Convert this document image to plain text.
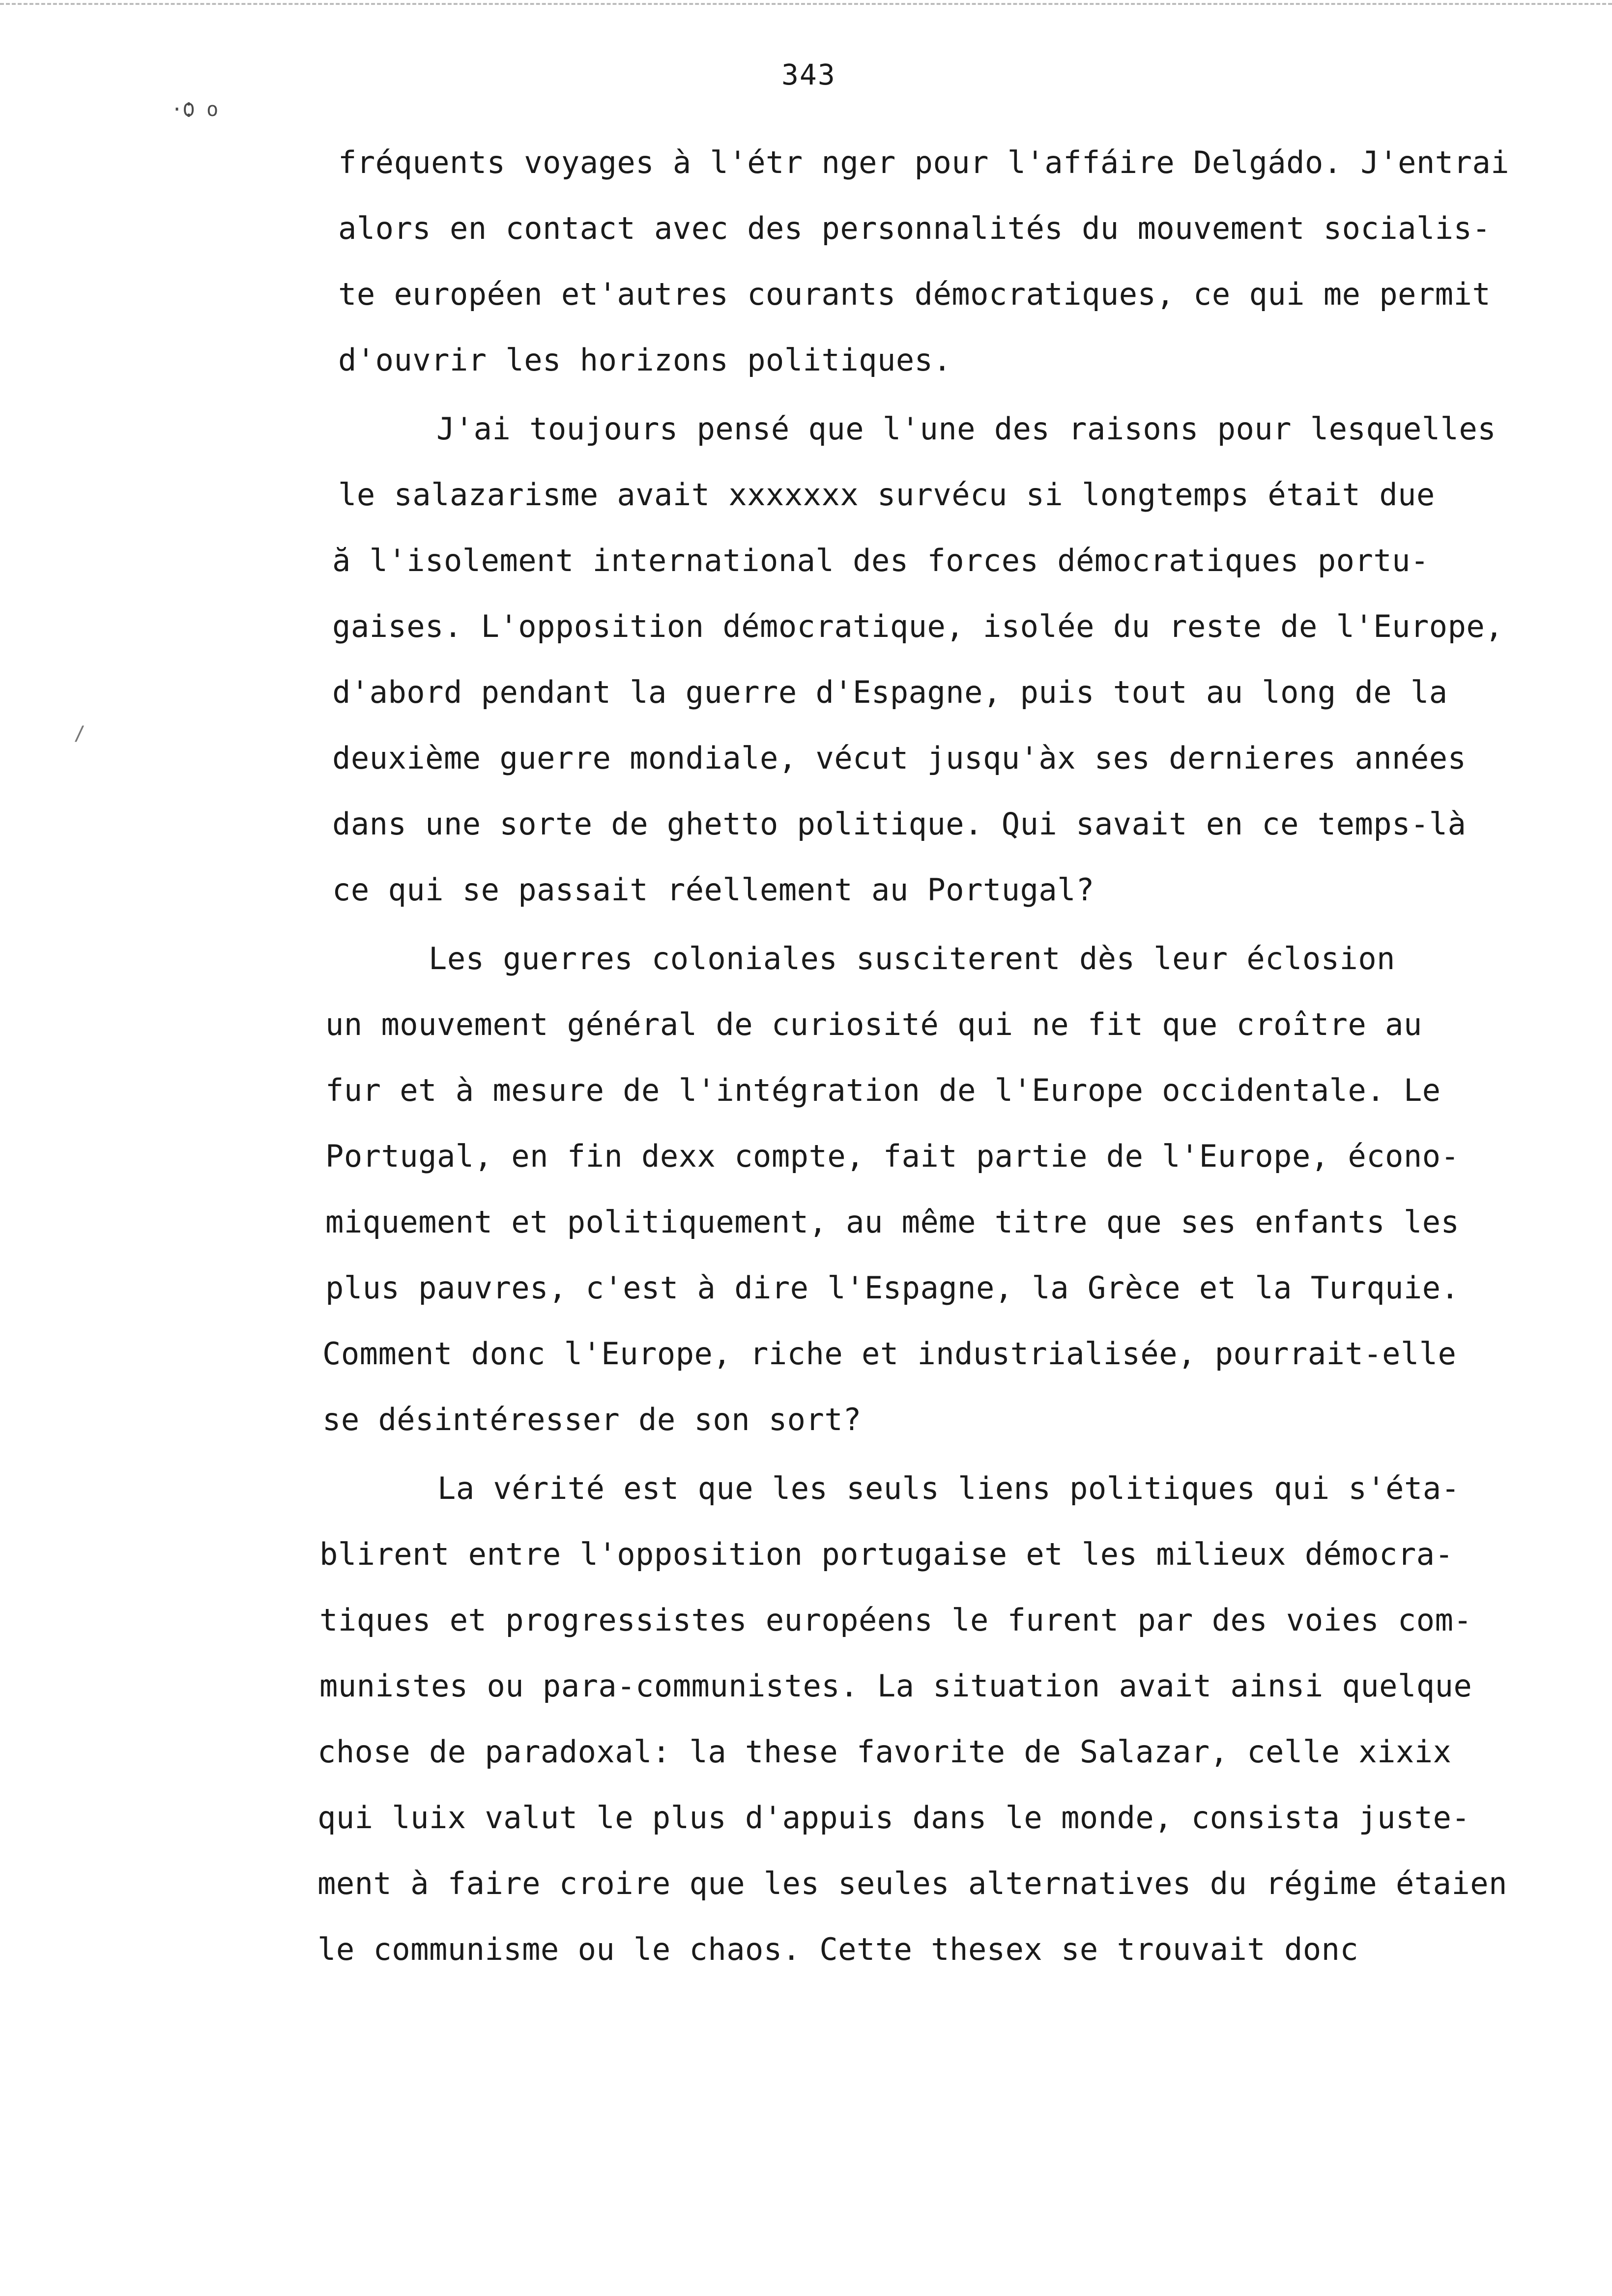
343
·Ѻ o
/
fréquents voyages à l'étr nger pour l'affáire Delgádo. J'entrai
alors en contact avec des personnalités du mouvement socialis-
te européen et'autres courants démocratiques, ce qui me permit
d'ouvrir les horizons politiques.
J'ai toujours pensé que l'une des raisons pour lesquelles
le salazarisme avait xxxxxxx survécu si longtemps était due
ă l'isolement international des forces démocratiques portu-
gaises. L'opposition démocratique, isolée du reste de l'Europe,
d'abord pendant la guerre d'Espagne, puis tout au long de la
deuxième guerre mondiale, vécut jusqu'àx ses dernieres années
dans une sorte de ghetto politique. Qui savait en ce temps-là
ce qui se passait réellement au Portugal?
Les guerres coloniales susciterent dès leur éclosion
un mouvement général de curiosité qui ne fit que croître au
fur et à mesure de l'intégration de l'Europe occidentale. Le
Portugal, en fin dexx compte, fait partie de l'Europe, écono-
miquement et politiquement, au même titre que ses enfants les
plus pauvres, c'est à dire l'Espagne, la Grèce et la Turquie.
Comment donc l'Europe, riche et industrialisée, pourrait-elle
se désintéresser de son sort?
La vérité est que les seuls liens politiques qui s'éta-
blirent entre l'opposition portugaise et les milieux démocra-
tiques et progressistes européens le furent par des voies com-
munistes ou para-communistes. La situation avait ainsi quelque
chose de paradoxal: la these favorite de Salazar, celle xixix
qui luix valut le plus d'appuis dans le monde, consista juste-
ment à faire croire que les seules alternatives du régime étaien
le communisme ou le chaos. Cette thesex se trouvait donc
